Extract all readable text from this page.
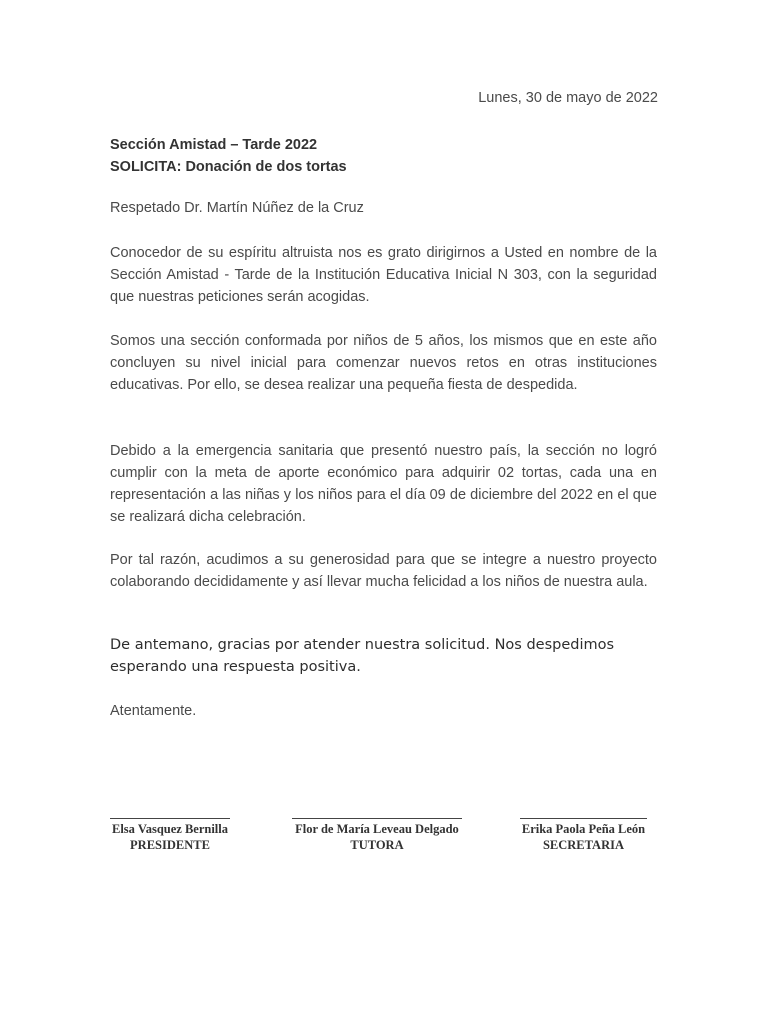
Lunes, 30 de mayo de 2022
Sección Amistad – Tarde 2022
SOLICITA: Donación de dos tortas
Respetado Dr. Martín Núñez de la Cruz

Conocedor de su espíritu altruista nos es grato dirigirnos a Usted en nombre de la Sección Amistad - Tarde de la Institución Educativa Inicial N 303, con la seguridad que nuestras peticiones serán acogidas.

Somos una sección conformada por niños de 5 años, los mismos que en este año concluyen su nivel inicial para comenzar nuevos retos en otras instituciones educativas. Por ello, se desea realizar una pequeña fiesta de despedida.

Debido a la emergencia sanitaria que presentó nuestro país, la sección no logró cumplir con la meta de aporte económico para adquirir 02 tortas, cada una en representación a las niñas y los niños para el día 09 de diciembre del 2022 en el que se realizará dicha celebración.

Por tal razón, acudimos a su generosidad para que se integre a nuestro proyecto colaborando decididamente y así llevar mucha felicidad a los niños de nuestra aula.

De antemano, gracias por atender nuestra solicitud. Nos despedimos esperando una respuesta positiva.

Atentamente.
Elsa Vasquez Bernilla
PRESIDENTE
Flor de María Leveau Delgado
TUTORA
Erika Paola Peña León
SECRETARIA
